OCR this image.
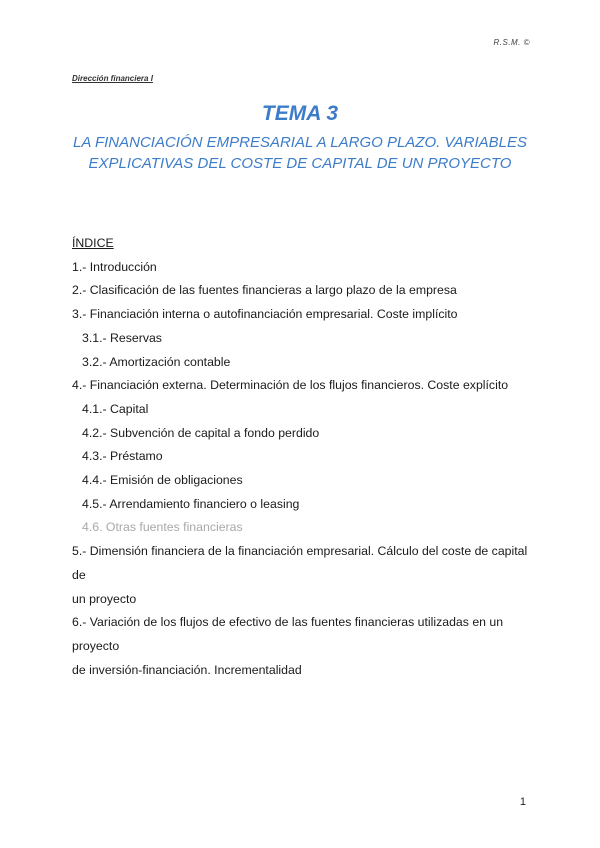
R.S.M. ©
Dirección financiera I
TEMA 3
LA FINANCIACIÓN EMPRESARIAL A LARGO PLAZO. VARIABLES
EXPLICATIVAS DEL COSTE DE CAPITAL DE UN PROYECTO
ÍNDICE
1.- Introducción
2.- Clasificación de las fuentes financieras a largo plazo de la empresa
3.- Financiación interna o autofinanciación empresarial. Coste implícito
3.1.- Reservas
3.2.- Amortización contable
4.- Financiación externa. Determinación de los flujos financieros. Coste explícito
4.1.- Capital
4.2.- Subvención de capital a fondo perdido
4.3.- Préstamo
4.4.- Emisión de obligaciones
4.5.- Arrendamiento financiero o leasing
4.6. Otras fuentes financieras
5.- Dimensión financiera de la financiación empresarial. Cálculo del coste de capital de
un proyecto
6.- Variación de los flujos de efectivo de las fuentes financieras utilizadas en un proyecto
de inversión-financiación. Incrementalidad
1
